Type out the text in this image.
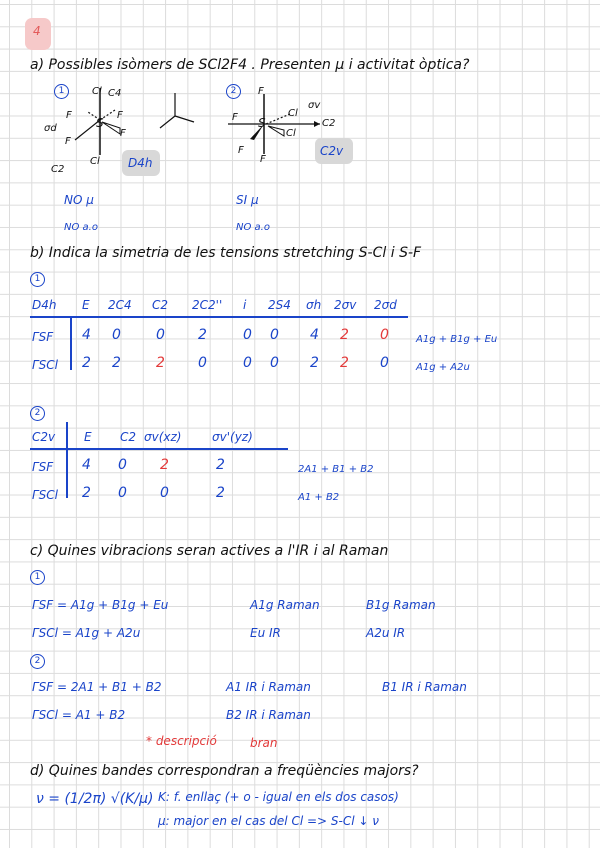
4
a) Possibles isòmers de SCl2F4 . Presenten μ i activitat òptica?
1	Cl C4
F	F
σd	S
F
F
Cl
C2	D4h
NO μ
NO a.o
2	F
F S
Cl
σv
C2
Cl
F
F
C2v
SI μ
NO a.o
b) Indica la simetria de les tensions stretching S-Cl i S-F
1
D4h E 2C4 C2 2C2'' i 2S4 σh 2σv 2σd
ΓSF 4 0	0 2	0 0 4 2 0	A1g + B1g + Eu
ΓSCl 2 2	2 0	0 0 2 2 0	A1g + A2u
2
C2v E C2 σv(xz)	σv'(yz)
ΓSF 4 0 2	2	2A1 + B1 + B2
ΓSCl 2 0 0	2	A1 + B2
c) Quines vibracions seran actives a l'IR i al Raman
1
ΓSF = A1g + B1g + Eu	A1g Raman	B1g Raman
ΓSCl = A1g + A2u	Eu IR	A2u IR
2
ΓSF = 2A1 + B1 + B2	A1 IR i Raman	B1 IR i Raman
ΓSCl = A1 + B2	B2 IR i Raman
* descripció	bran
d) Quines bandes correspondran a freqüències majors?
ν = (1/2π) √(K/μ) K: f. enllaç (+ o - igual en els dos casos)
μ: major en el cas del Cl => S-Cl ↓ ν
